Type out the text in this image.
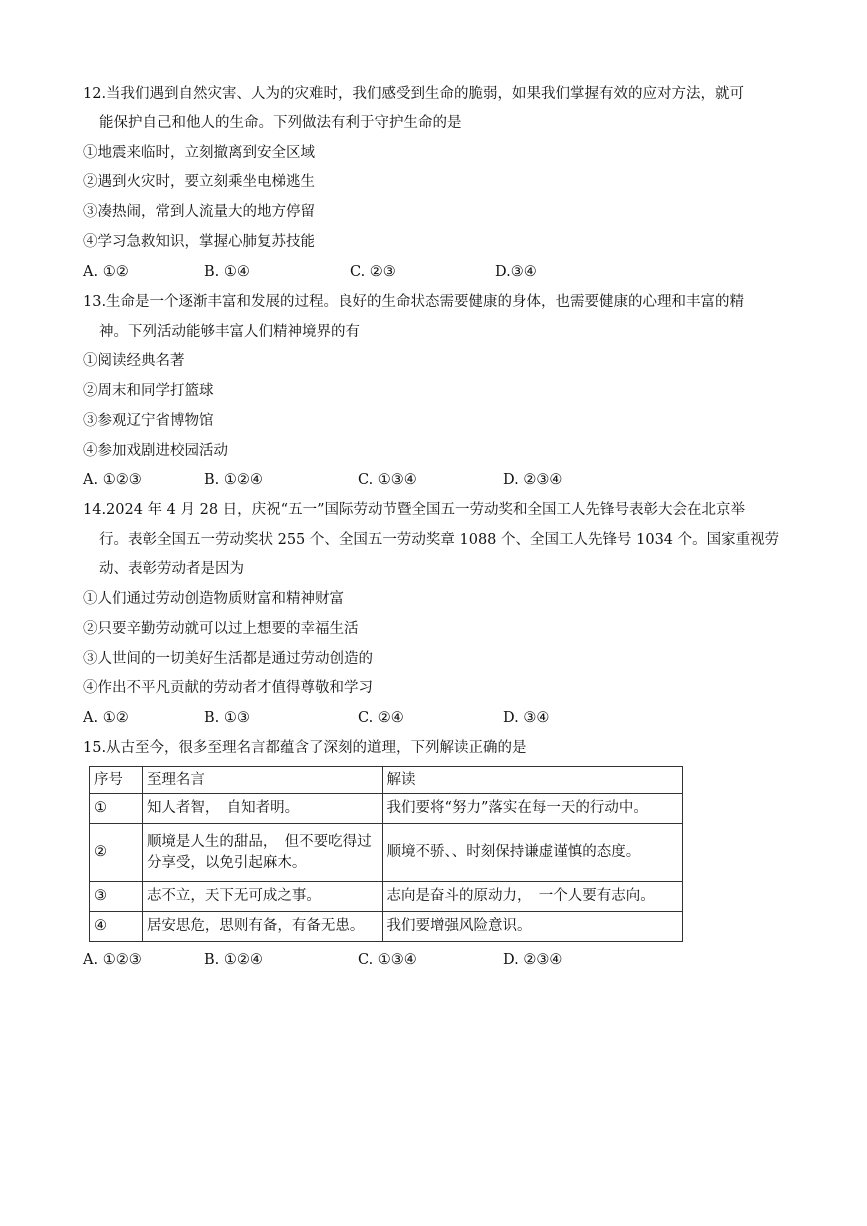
12.当我们遇到自然灾害、人为的灾难时，我们感受到生命的脆弱，如果我们掌握有效的应对方法，就可
能保护自己和他人的生命。下列做法有利于守护生命的是
①地震来临时，立刻撤离到安全区域
②遇到火灾时，要立刻乘坐电梯逃生
③凑热闹，常到人流量大的地方停留
④学习急救知识，掌握心肺复苏技能
A. ①②	B. ①④	C. ②③	D.③④
13.生命是一个逐渐丰富和发展的过程。良好的生命状态需要健康的身体，也需要健康的心理和丰富的精
神。下列活动能够丰富人们精神境界的有
①阅读经典名著
②周末和同学打篮球
③参观辽宁省博物馆
④参加戏剧进校园活动
A. ①②③	B. ①②④	C. ①③④	D. ②③④
14.2024 年 4 月 28 日，庆祝“五一”国际劳动节暨全国五一劳动奖和全国工人先锋号表彰大会在北京举
行。表彰全国五一劳动奖状 255 个、全国五一劳动奖章 1088 个、全国工人先锋号 1034 个。国家重视劳
动、表彰劳动者是因为
①人们通过劳动创造物质财富和精神财富
②只要辛勤劳动就可以过上想要的幸福生活
③人世间的一切美好生活都是通过劳动创造的
④作出不平凡贡献的劳动者才值得尊敬和学习
A. ①②	B. ①③	C. ②④	D. ③④
15.从古至今，很多至理名言都蕴含了深刻的道理，下列解读正确的是
序号	至理名言	解读
①	知人者智，　自知者明。	我们要将“努力”落实在每一天的行动中。
②	顺境是人生的甜品，　但不要吃得过分享受，以免引起麻木。	顺境不骄、、时刻保持谦虚谨慎的态度。
③	志不立，天下无可成之事。	志向是奋斗的原动力，　一个人要有志向。
④	居安思危，思则有备，有备无患。	我们要增强风险意识。
A. ①②③	B. ①②④	C. ①③④	D. ②③④
